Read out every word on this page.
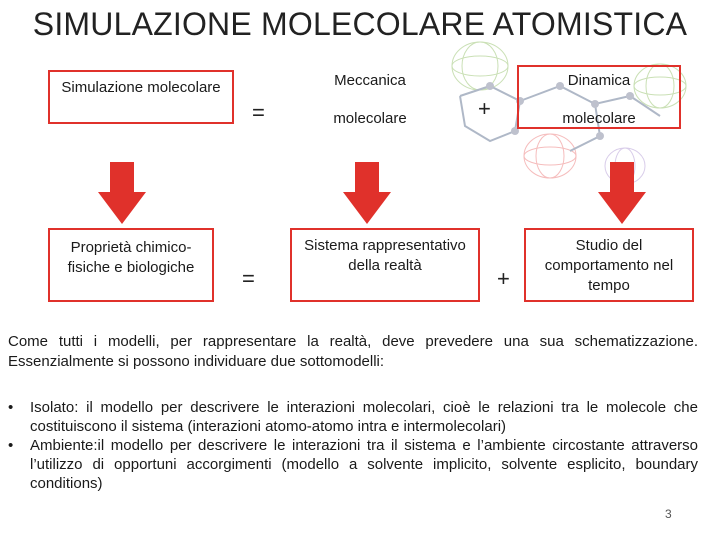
SIMULAZIONE MOLECOLARE ATOMISTICA
Simulazione molecolare
=
Meccanica
molecolare	+
Dinamica
molecolare
Proprietà chimico-fisiche e biologiche	=
Sistema rappresentativo della realtà
+
Studio del comportamento nel tempo
Come tutti i modelli, per rappresentare la realtà, deve prevedere una sua schematizzazione. Essenzialmente si possono individuare due sottomodelli:
• Isolato: il modello per descrivere le interazioni molecolari, cioè le relazioni tra le molecole che costituiscono il sistema (interazioni atomo-atomo intra e intermolecolari)
• Ambiente:il modello per descrivere le interazioni tra il sistema e l’ambiente circostante attraverso l’utilizzo di opportuni accorgimenti (modello a solvente implicito, solvente esplicito, boundary conditions)
3
